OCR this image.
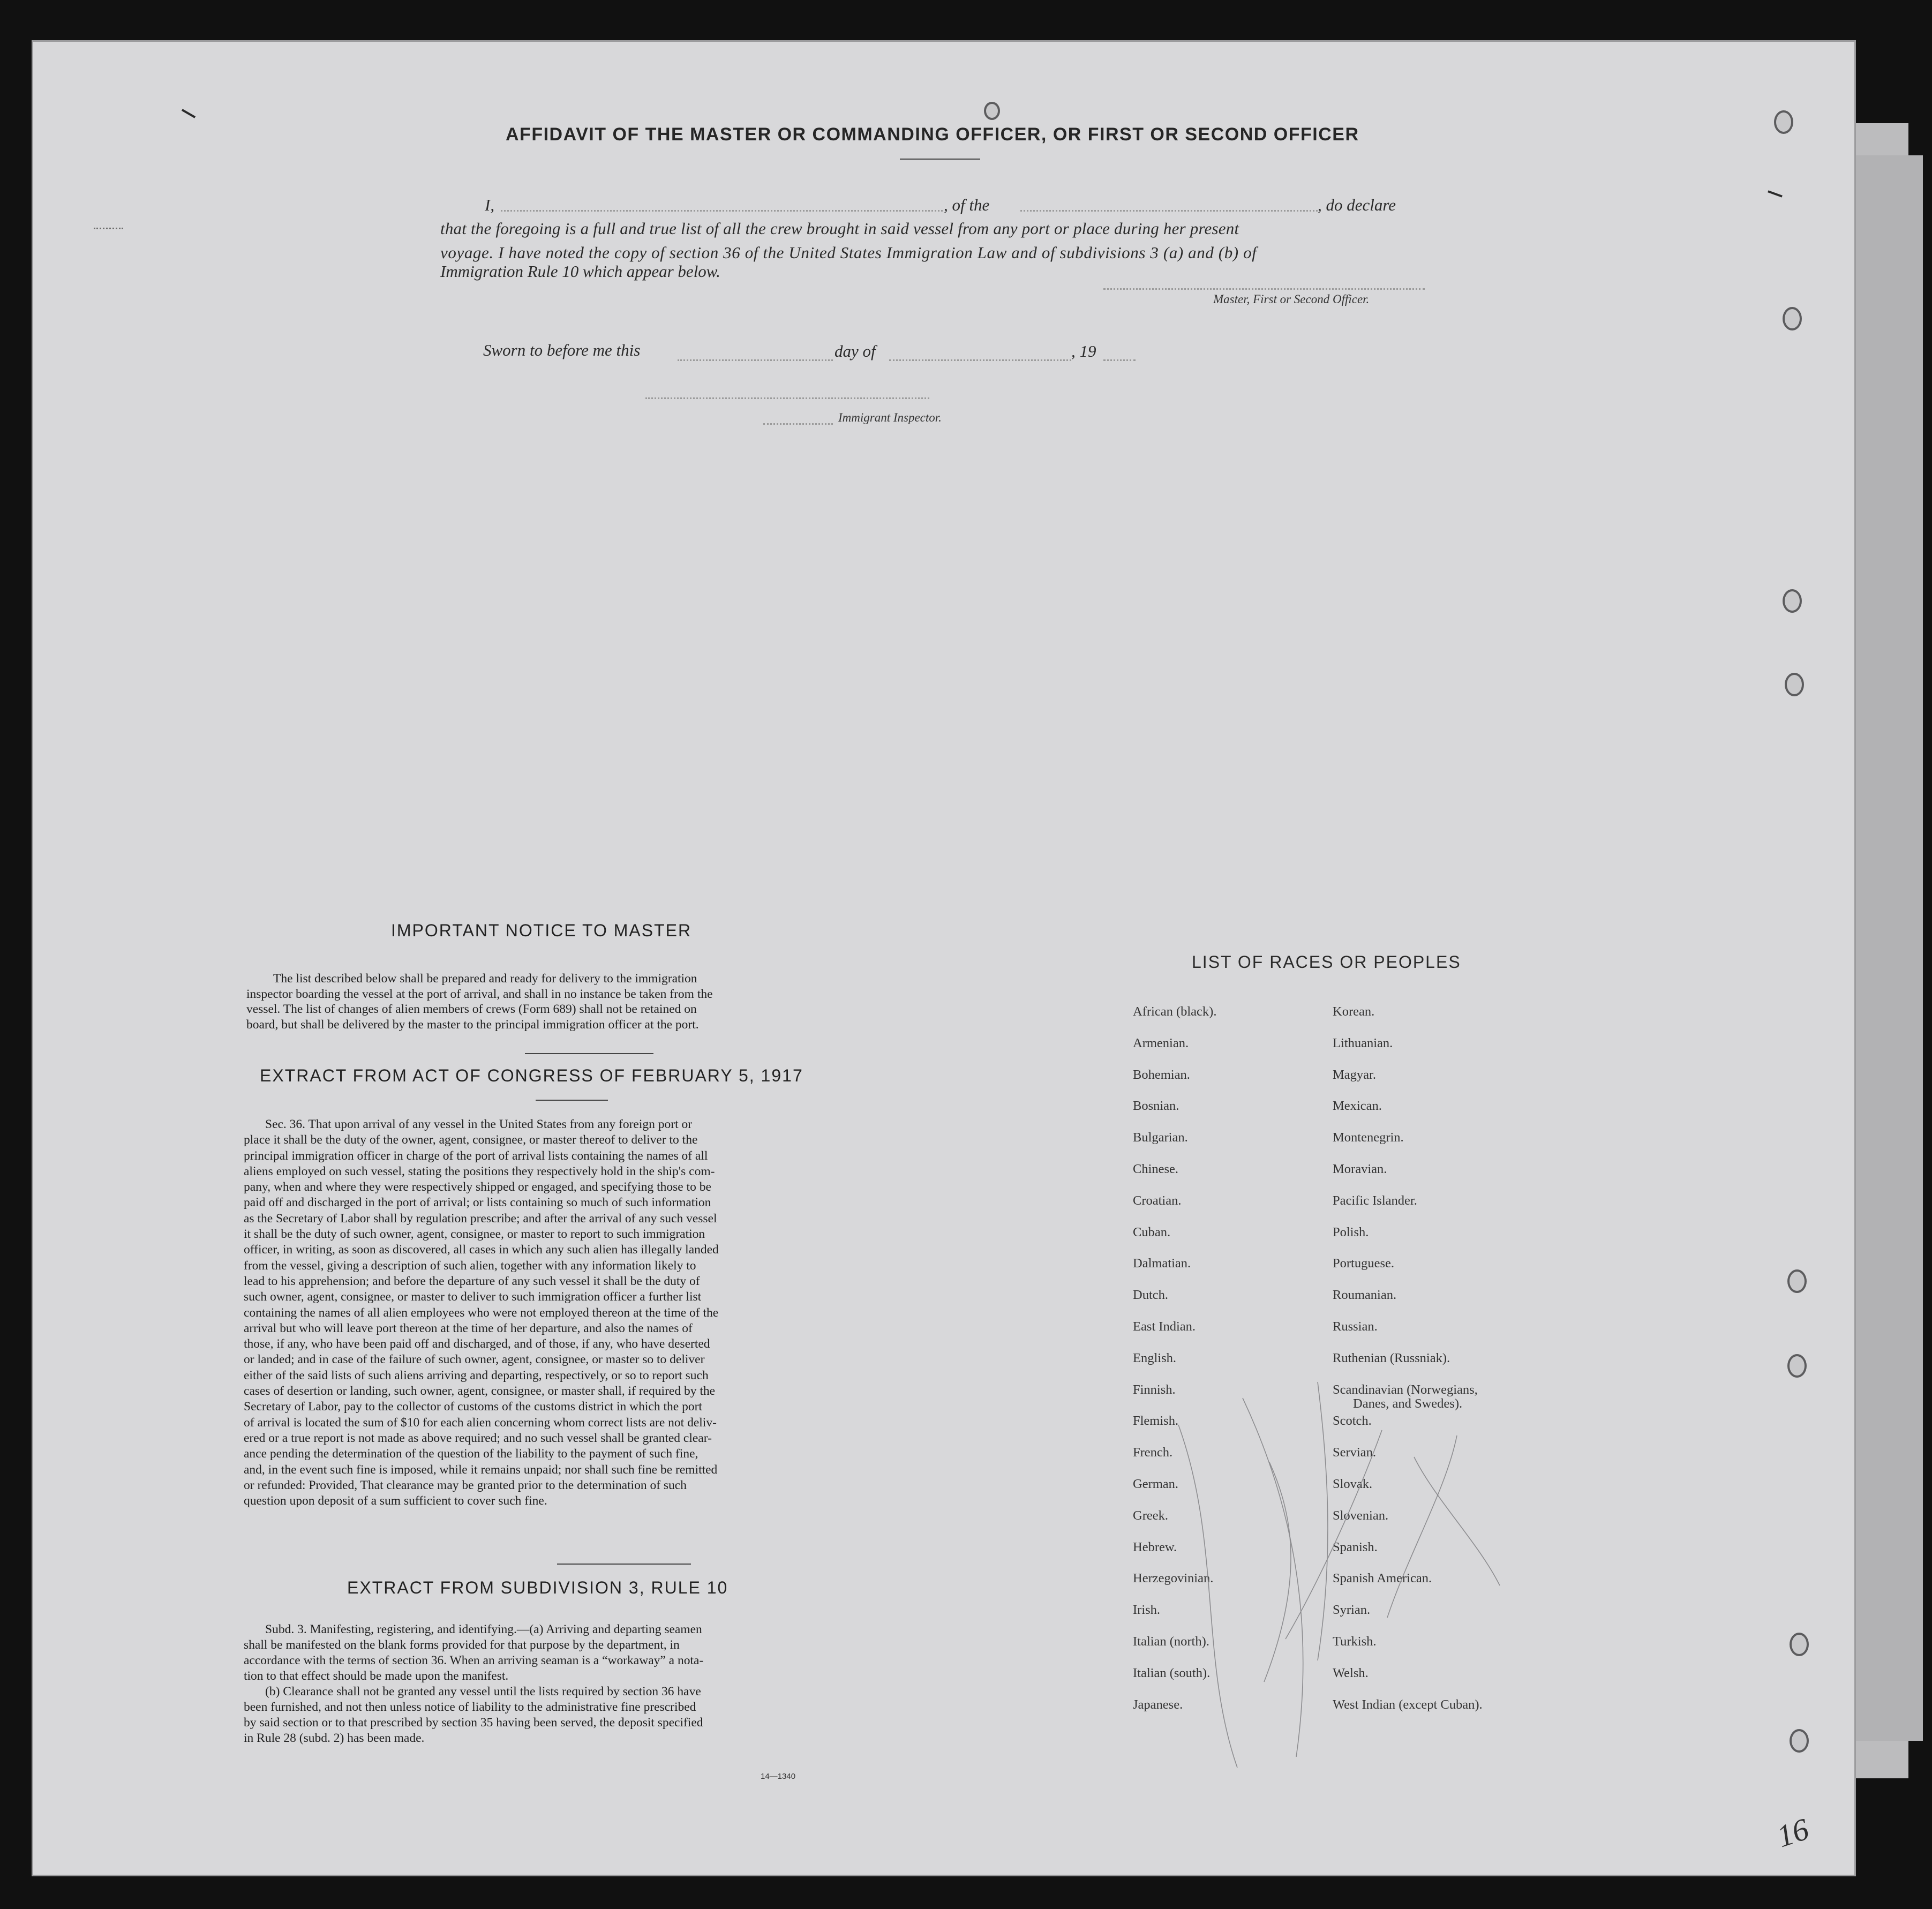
AFFIDAVIT OF THE MASTER OR COMMANDING OFFICER, OR FIRST OR SECOND OFFICER
I,	, of the	, do declare
that the foregoing is a full and true list of all the crew brought in said vessel from any port or place during her present
voyage. I have noted the copy of section 36 of the United States Immigration Law and of subdivisions 3 (a) and (b) of
Immigration Rule 10 which appear below.
Master, First or Second Officer.
Sworn to before me this	day of	, 19
Immigrant Inspector.
IMPORTANT NOTICE TO MASTER
The list described below shall be prepared and ready for delivery to the immigration
inspector boarding the vessel at the port of arrival, and shall in no instance be taken from the
vessel. The list of changes of alien members of crews (Form 689) shall not be retained on
board, but shall be delivered by the master to the principal immigration officer at the port.
EXTRACT FROM ACT OF CONGRESS OF FEBRUARY 5, 1917
Sec. 36. That upon arrival of any vessel in the United States from any foreign port or
place it shall be the duty of the owner, agent, consignee, or master thereof to deliver to the
principal immigration officer in charge of the port of arrival lists containing the names of all
aliens employed on such vessel, stating the positions they respectively hold in the ship's com-
pany, when and where they were respectively shipped or engaged, and specifying those to be
paid off and discharged in the port of arrival; or lists containing so much of such information
as the Secretary of Labor shall by regulation prescribe; and after the arrival of any such vessel
it shall be the duty of such owner, agent, consignee, or master to report to such immigration
officer, in writing, as soon as discovered, all cases in which any such alien has illegally landed
from the vessel, giving a description of such alien, together with any information likely to
lead to his apprehension; and before the departure of any such vessel it shall be the duty of
such owner, agent, consignee, or master to deliver to such immigration officer a further list
containing the names of all alien employees who were not employed thereon at the time of the
arrival but who will leave port thereon at the time of her departure, and also the names of
those, if any, who have been paid off and discharged, and of those, if any, who have deserted
or landed; and in case of the failure of such owner, agent, consignee, or master so to deliver
either of the said lists of such aliens arriving and departing, respectively, or so to report such
cases of desertion or landing, such owner, agent, consignee, or master shall, if required by the
Secretary of Labor, pay to the collector of customs of the customs district in which the port
of arrival is located the sum of $10 for each alien concerning whom correct lists are not deliv-
ered or a true report is not made as above required; and no such vessel shall be granted clear-
ance pending the determination of the question of the liability to the payment of such fine,
and, in the event such fine is imposed, while it remains unpaid; nor shall such fine be remitted
or refunded: Provided, That clearance may be granted prior to the determination of such
question upon deposit of a sum sufficient to cover such fine.
EXTRACT FROM SUBDIVISION 3, RULE 10
Subd. 3. Manifesting, registering, and identifying.—(a) Arriving and departing seamen
shall be manifested on the blank forms provided for that purpose by the department, in
accordance with the terms of section 36. When an arriving seaman is a “workaway” a nota-
tion to that effect should be made upon the manifest.
(b) Clearance shall not be granted any vessel until the lists required by section 36 have
been furnished, and not then unless notice of liability to the administrative fine prescribed
by said section or to that prescribed by section 35 having been served, the deposit specified
in Rule 28 (subd. 2) has been made.
14—1340
LIST OF RACES OR PEOPLES
African (black).
Armenian.
Bohemian.
Bosnian.
Bulgarian.
Chinese.
Croatian.
Cuban.
Dalmatian.
Dutch.
East Indian.
English.
Finnish.
Flemish.
French.
German.
Greek.
Hebrew.
Herzegovinian.
Irish.
Italian (north).
Italian (south).
Japanese.
Korean.
Lithuanian.
Magyar.
Mexican.
Montenegrin.
Moravian.
Pacific Islander.
Polish.
Portuguese.
Roumanian.
Russian.
Ruthenian (Russniak).
Scandinavian (Norwegians,
Danes, and Swedes).
Scotch.
Servian.
Slovak.
Slovenian.
Spanish.
Spanish American.
Syrian.
Turkish.
Welsh.
West Indian (except Cuban).
16
